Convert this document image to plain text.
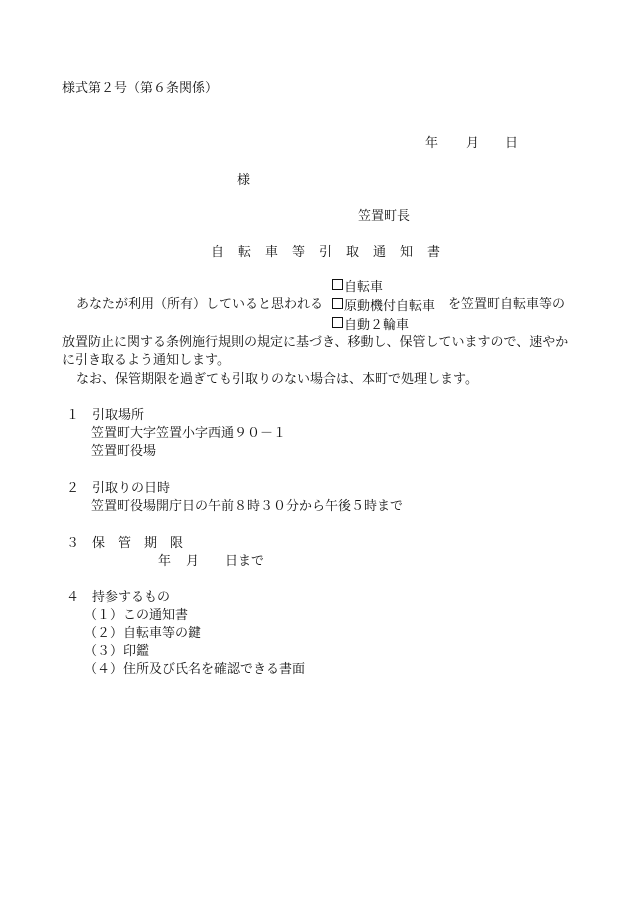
様式第２号（第６条関係）
年 月 日
様
笠置町長
自　転　車　等　引　取　通　知　書
自転車
あなたが利用（所有）していると思われる	原動機付自転車 を笠置町自転車等の
自動２輪車
放置防止に関する条例施行規則の規定に基づき、移動し、保管していますので、速やか
に引き取るよう通知します。
なお、保管期限を過ぎても引取りのない場合は、本町で処理します。
１　引取場所
笠置町大字笠置小字西通９０－１
笠置町役場
２　引取りの日時
笠置町役場開庁日の午前８時３０分から午後５時まで
３　保　管　期　限
年 月 日まで
４　持参するもの
（１）この通知書
（２）自転車等の鍵
（３）印鑑
（４）住所及び氏名を確認できる書面
